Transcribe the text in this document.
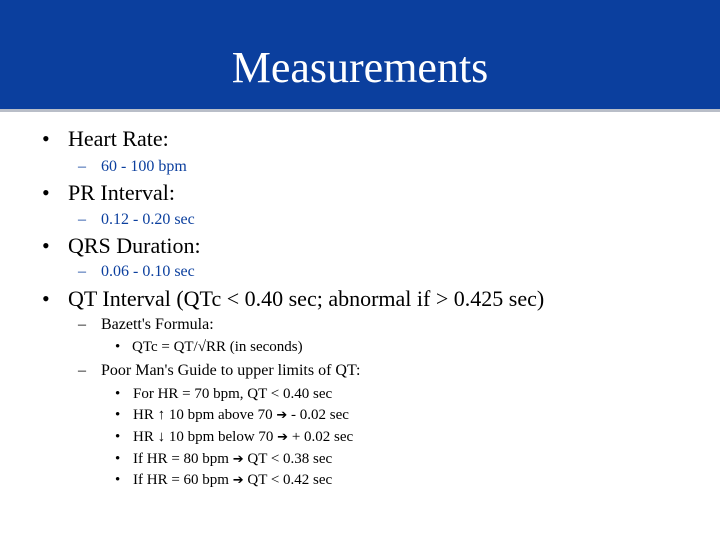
Measurements
• Heart Rate:
– 60 - 100 bpm
• PR Interval:
– 0.12 - 0.20 sec
• QRS Duration:
– 0.06 - 0.10 sec
• QT Interval (QTc < 0.40 sec; abnormal if > 0.425 sec)
– Bazett's Formula:
• QTc = QT/√RR (in seconds)
– Poor Man's Guide to upper limits of QT:
• For HR = 70 bpm, QT < 0.40 sec
• HR ↑ 10 bpm above 70 ➔ - 0.02 sec
• HR ↓ 10 bpm below 70 ➔ + 0.02 sec
• If HR = 80 bpm ➔ QT < 0.38 sec
• If HR = 60 bpm ➔ QT < 0.42 sec
